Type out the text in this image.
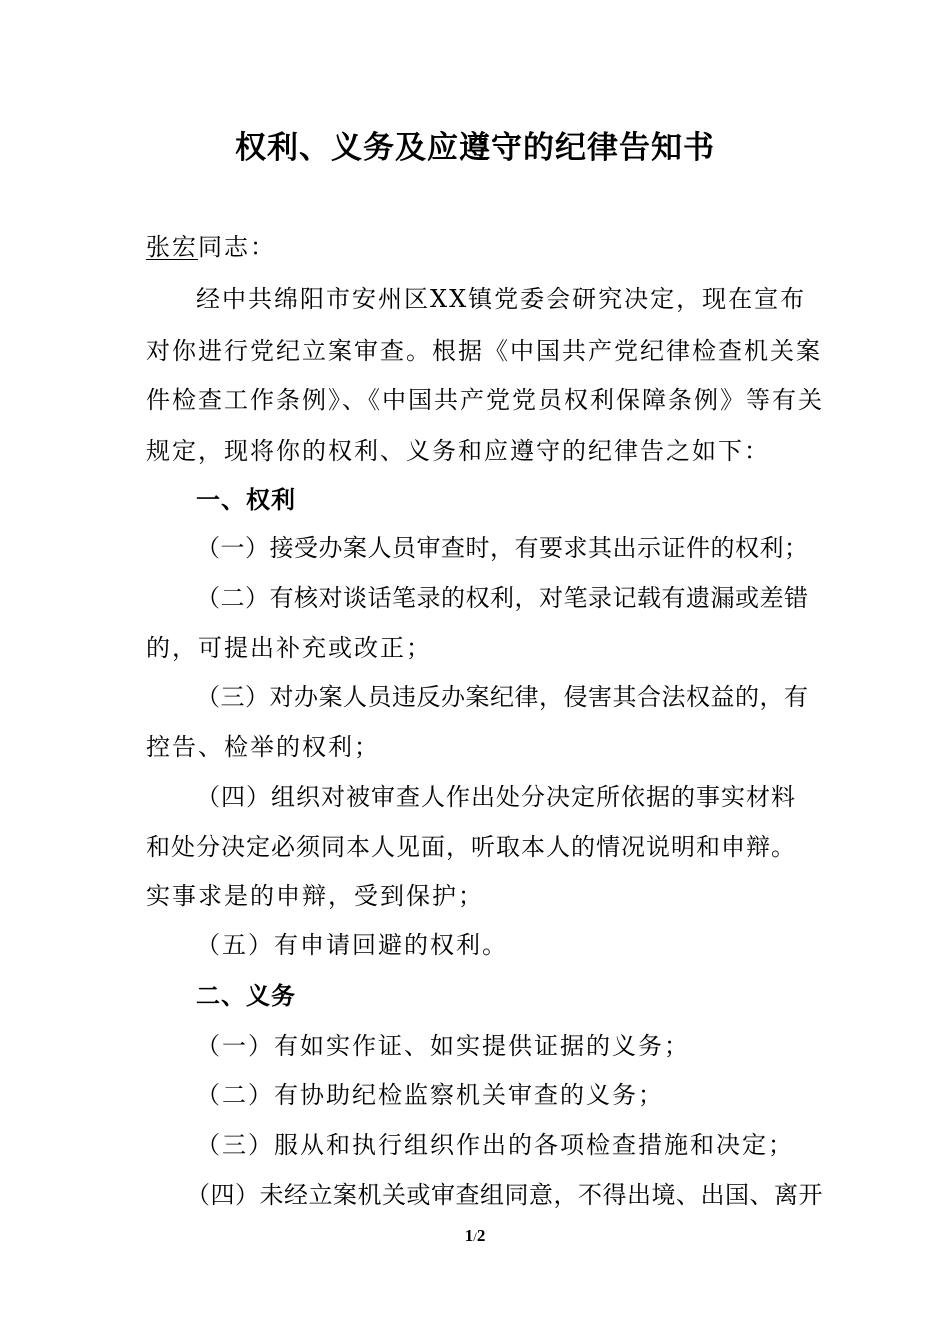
权利、义务及应遵守的纪律告知书

张宏同志：

经中共绵阳市安州区XX镇党委会研究决定，现在宣布

对你进行党纪立案审查。根据《中国共产党纪律检查机关案

件检查工作条例》、《中国共产党党员权利保障条例》等有关

规定，现将你的权利、义务和应遵守的纪律告之如下：

一、权利

（一）接受办案人员审查时，有要求其出示证件的权利；

（二）有核对谈话笔录的权利，对笔录记载有遗漏或差错

的，可提出补充或改正；

（三）对办案人员违反办案纪律，侵害其合法权益的，有

控告、检举的权利；

（四）组织对被审查人作出处分决定所依据的事实材料

和处分决定必须同本人见面，听取本人的情况说明和申辩。

实事求是的申辩，受到保护；

（五）有申请回避的权利。

二、义务

（一）有如实作证、如实提供证据的义务；

（二）有协助纪检监察机关审查的义务；

（三）服从和执行组织作出的各项检查措施和决定；

（四）未经立案机关或审查组同意，不得出境、出国、离开

1/2
